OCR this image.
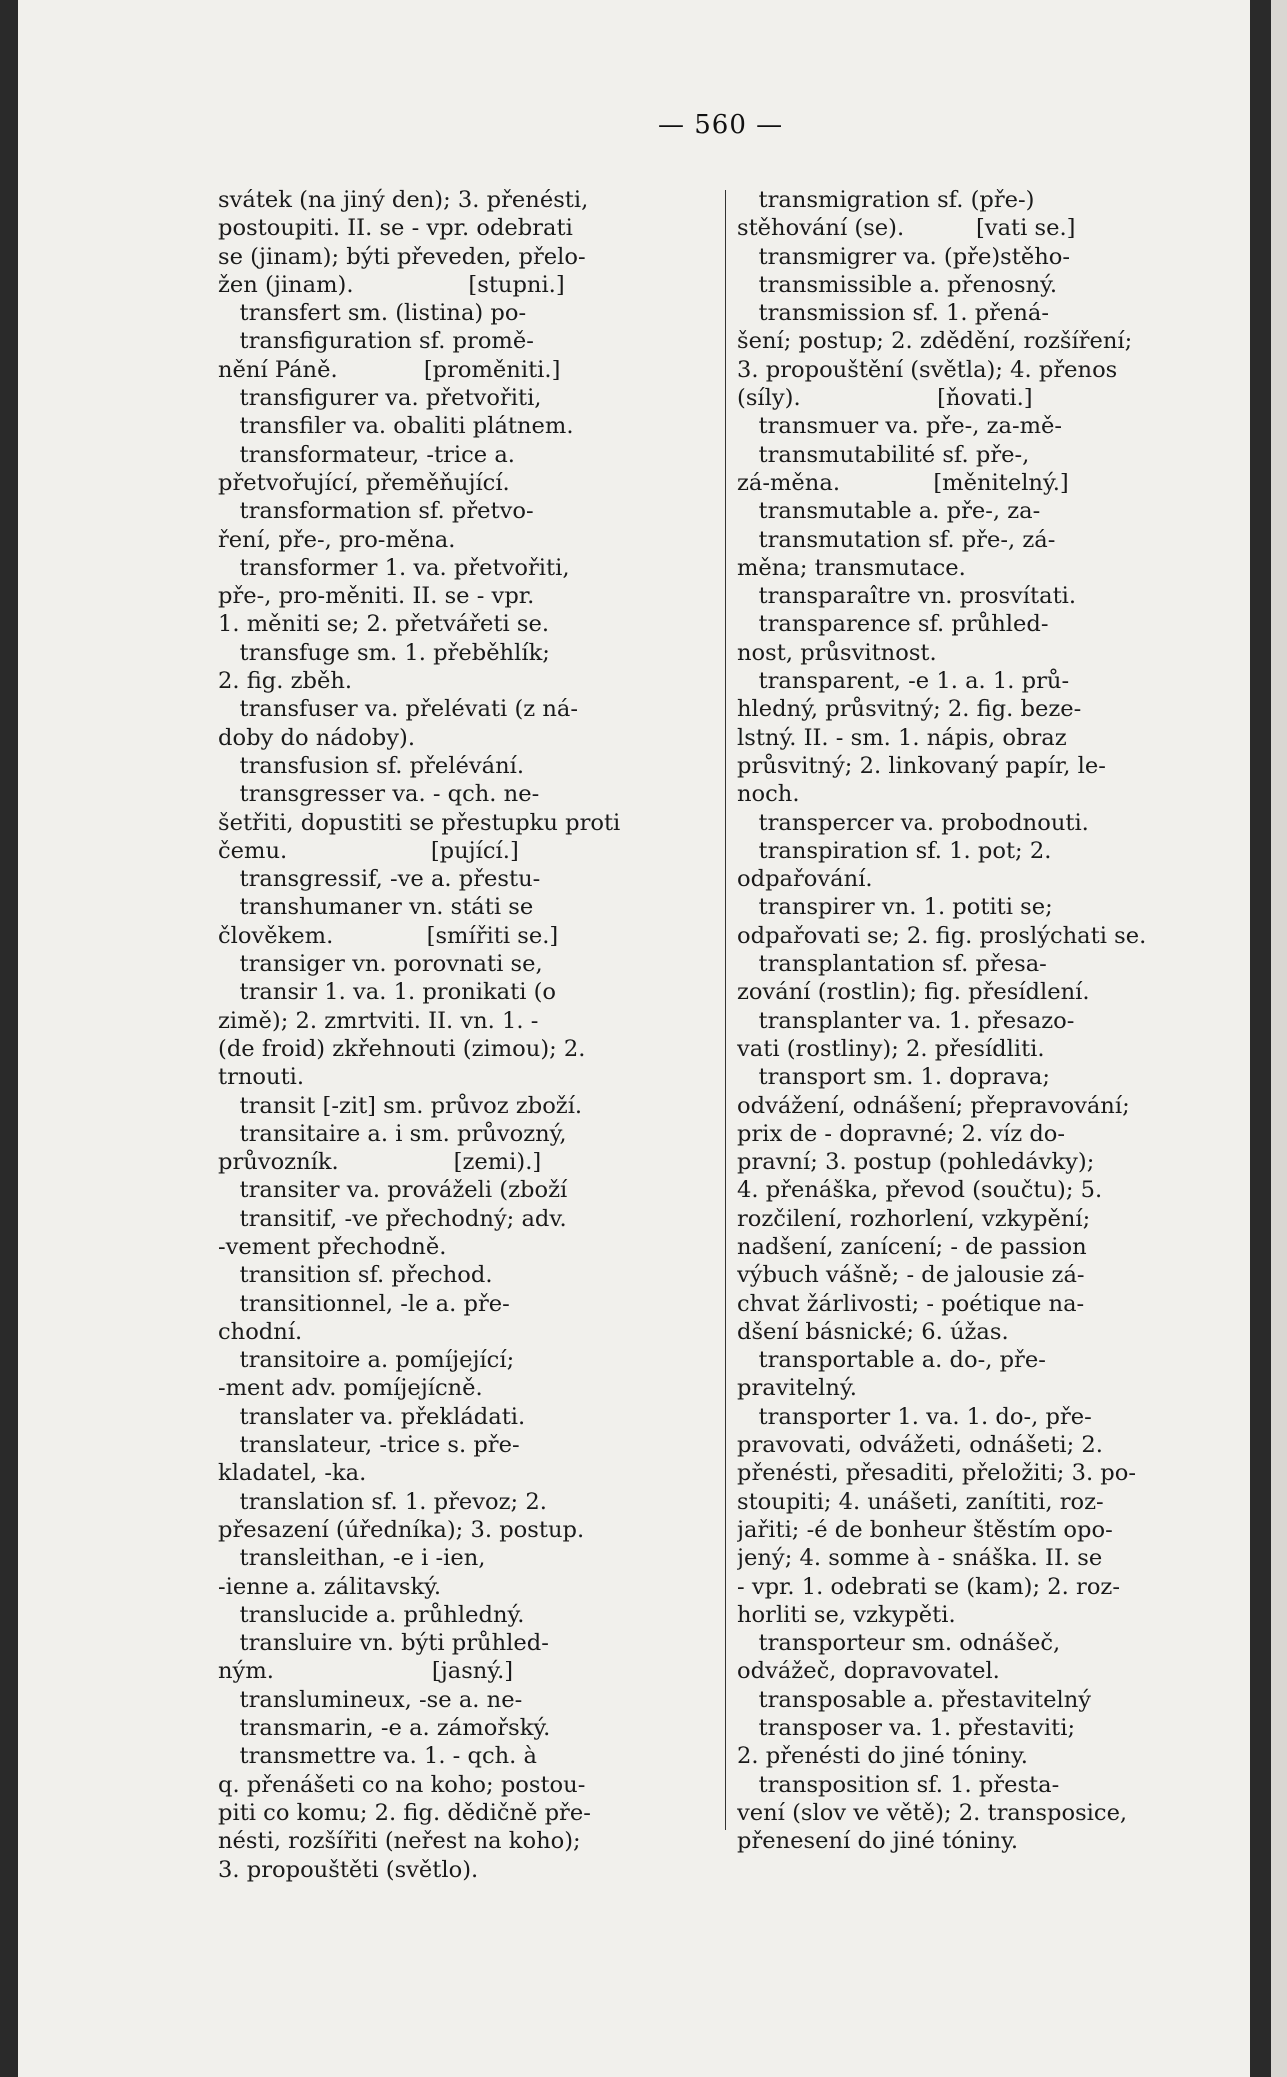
— 560 —
svátek (na jiný den); 3. přenésti,
postoupiti. II. se - vpr. odebrati
se (jinam); býti převeden, přelo-
žen (jinam).                [stupni.]
transfert sm. (listina) po-
transfiguration sf. promě-
nění Páně.            [proměniti.]
transfigurer va. přetvořiti,
transfiler va. obaliti plátnem.
transformateur, -trice a.
přetvořující, přeměňující.
transformation sf. přetvo-
ření, pře-, pro-měna.
transformer 1. va. přetvořiti,
pře-, pro-měniti. II. se - vpr.
1. měniti se; 2. přetvářeti se.
transfuge sm. 1. přeběhlík;
2. fig. zběh.
transfuser va. přelévati (z ná-
doby do nádoby).
transfusion sf. přelévání.
transgresser va. - qch. ne-
šetřiti, dopustiti se přestupku proti
čemu.                    [pující.]
transgressif, -ve a. přestu-
transhumaner vn. státi se
člověkem.             [smířiti se.]
transiger vn. porovnati se,
transir 1. va. 1. pronikati (o
zimě); 2. zmrtviti. II. vn. 1. -
(de froid) zkřehnouti (zimou); 2.
trnouti.
transit [-zit] sm. průvoz zboží.
transitaire a. i sm. průvozný,
průvozník.                [zemi).]
transiter va. prováželi (zboží
transitif, -ve přechodný; adv.
-vement přechodně.
transition sf. přechod.
transitionnel, -le a. pře-
chodní.
transitoire a. pomíjející;
-ment adv. pomíjejícně.
translater va. překládati.
translateur, -trice s. pře-
kladatel, -ka.
translation sf. 1. převoz; 2.
přesazení (úředníka); 3. postup.
transleithan, -e i -ien,
-ienne a. zálitavský.
translucide a. průhledný.
transluire vn. býti průhled-
ným.                      [jasný.]
translumineux, -se a. ne-
transmarin, -e a. zámořský.
transmettre va. 1. - qch. à
q. přenášeti co na koho; postou-
piti co komu; 2. fig. dědičně pře-
nésti, rozšířiti (neřest na koho);
3. propouštěti (světlo).
transmigration sf. (pře-)
stěhování (se).          [vati se.]
transmigrer va. (pře)stěho-
transmissible a. přenosný.
transmission sf. 1. přená-
šení; postup; 2. zdědění, rozšíření;
3. propouštění (světla); 4. přenos
(síly).                   [ňovati.]
transmuer va. pře-, za-mě-
transmutabilité sf. pře-,
zá-měna.             [měnitelný.]
transmutable a. pře-, za-
transmutation sf. pře-, zá-
měna; transmutace.
transparaître vn. prosvítati.
transparence sf. průhled-
nost, průsvitnost.
transparent, -e 1. a. 1. prů-
hledný, průsvitný; 2. fig. beze-
lstný. II. - sm. 1. nápis, obraz
průsvitný; 2. linkovaný papír, le-
noch.
transpercer va. probodnouti.
transpiration sf. 1. pot; 2.
odpařování.
transpirer vn. 1. potiti se;
odpařovati se; 2. fig. proslýchati se.
transplantation sf. přesa-
zování (rostlin); fig. přesídlení.
transplanter va. 1. přesazo-
vati (rostliny); 2. přesídliti.
transport sm. 1. doprava;
odvážení, odnášení; přepravování;
prix de - dopravné; 2. víz do-
pravní; 3. postup (pohledávky);
4. přenáška, převod (součtu); 5.
rozčilení, rozhorlení, vzkypění;
nadšení, zanícení; - de passion
výbuch vášně; - de jalousie zá-
chvat žárlivosti; - poétique na-
dšení básnické; 6. úžas.
transportable a. do-, pře-
pravitelný.
transporter 1. va. 1. do-, pře-
pravovati, odvážeti, odnášeti; 2.
přenésti, přesaditi, přeložiti; 3. po-
stoupiti; 4. unášeti, zanítiti, roz-
jařiti; -é de bonheur štěstím opo-
jený; 4. somme à - snáška. II. se
- vpr. 1. odebrati se (kam); 2. roz-
horliti se, vzkypěti.
transporteur sm. odnášeč,
odvážeč, dopravovatel.
transposable a. přestavitelný
transposer va. 1. přestaviti;
2. přenésti do jiné tóniny.
transposition sf. 1. přesta-
vení (slov ve větě); 2. transposice,
přenesení do jiné tóniny.
